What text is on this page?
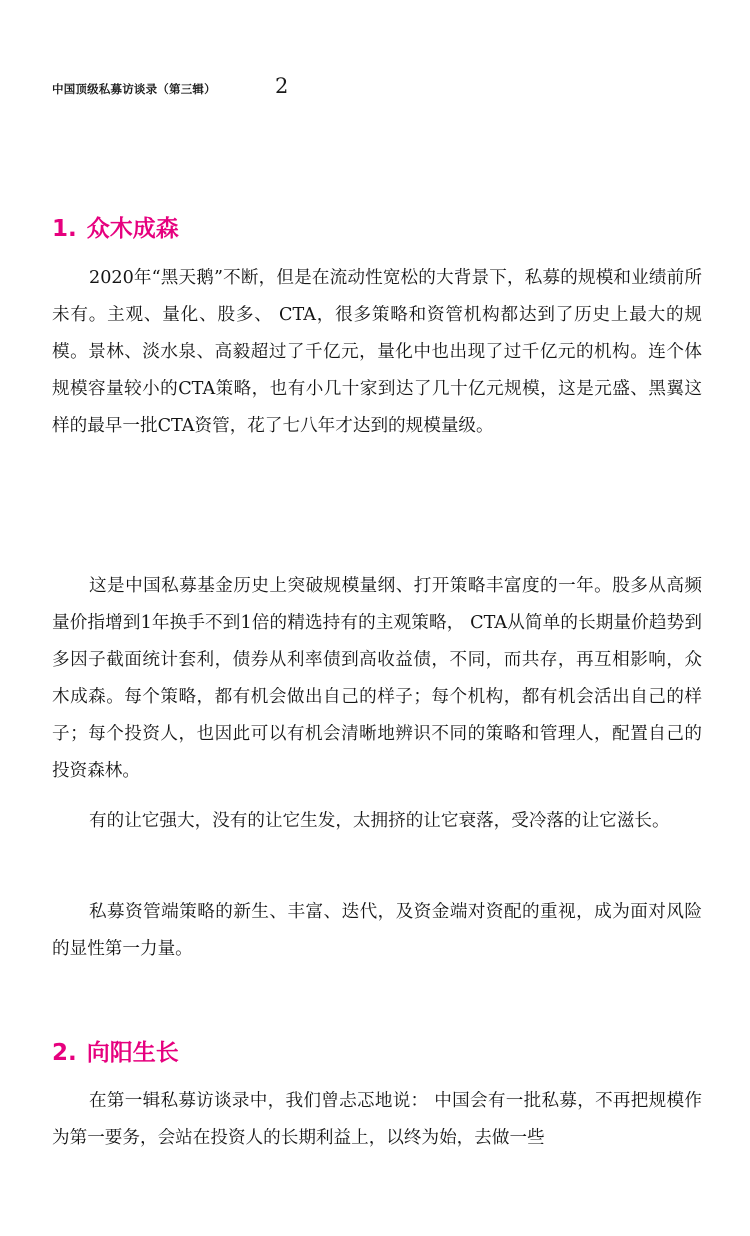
中国顶级私募访谈录（第三辑）	2
1. 众木成森

2020年“黑天鹅”不断，但是在流动性宽松的大背景下，私募的规模和业绩前所未有。主观、量化、股多、 CTA，很多策略和资管机构都达到了历史上最大的规模。景林、淡水泉、高毅超过了千亿元，量化中也出现了过千亿元的机构。连个体规模容量较小的CTA策略，也有小几十家到达了几十亿元规模，这是元盛、黑翼这样的最早一批CTA资管，花了七八年才达到的规模量级。

这是中国私募基金历史上突破规模量纲、打开策略丰富度的一年。股多从高频量价指增到1年换手不到1倍的精选持有的主观策略， CTA从简单的长期量价趋势到多因子截面统计套利，债券从利率债到高收益债，不同，而共存，再互相影响，众木成森。每个策略，都有机会做出自己的样子；每个机构，都有机会活出自己的样子；每个投资人，也因此可以有机会清晰地辨识不同的策略和管理人，配置自己的投资森林。

有的让它强大，没有的让它生发，太拥挤的让它衰落，受冷落的让它滋长。

私募资管端策略的新生、丰富、迭代，及资金端对资配的重视，成为面对风险的显性第一力量。

2. 向阳生长

在第一辑私募访谈录中，我们曾忐忑地说： 中国会有一批私募，不再把规模作为第一要务，会站在投资人的长期利益上，以终为始，去做一些
